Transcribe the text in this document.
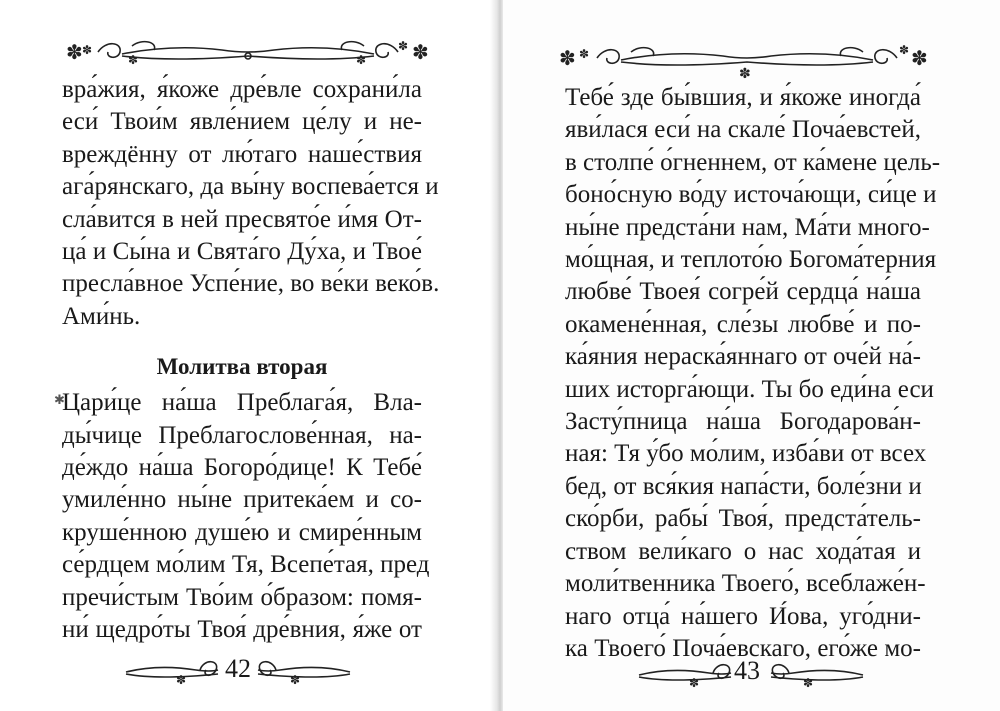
✽ ✽	✽
✽
✽	✽
вра́жия, я́коже дре́вле сохрани́ла
еси́ Твои́м явле́нием це́лу и не-
вреждённу от лю́таго наше́ствия
ага́рянскаго, да вы́ну воспева́ется и
сла́вится в ней пресвято́е и́мя От-
ца́ и Сы́на и Свята́го Ду́ха, и Твое́
пресла́вное Успе́ние, во ве́ки веко́в.
Ами́нь.
Молитва вторая
Цари́це на́ша Преблага́я, Вла-
ды́чице Преблагослове́нная, на-
де́ждо на́ша Богоро́дице! К Тебе́
умиле́нно ны́не притека́ем и со-
круше́нною душе́ю и смире́нным
се́рдцем мо́лим Тя, Всепе́тая, пред
пречи́стым Тво́им о́бразом: помя-
ни́ щедро́ты Твоя́ дре́вния, я́же от
✱
✽	✽
42
✽ ✽	✽
✽
✽
Тебе́ зде бы́вшия, и я́коже иногда́
яви́лася еси́ на скале́ Поча́евстей,
в столпе́ о́гненнем, от ка́мене цель-
боно́сную во́ду источа́ющи, си́це и
ны́не предста́ни нам, Ма́ти много-
мо́щная, и теплото́ю Богома́терния
любве́ Твоея́ согре́й сердца́ на́ша
окамене́нная, сле́зы любве́ и по-
ка́яния нераска́яннаго от оче́й на́-
ших исторга́ющи. Ты бо еди́на еси
Засту́пница на́ша Богодарова́н-
ная: Тя у́бо мо́лим, изба́ви от всех
бед, от вся́кия напа́сти, боле́зни и
ско́рби, рабы́ Твоя́, предста́тель-
ством вели́каго о нас хода́тая и
моли́твенника Твоего́, всеблаже́н-
наго отца́ на́шего И́ова, уго́дни-
ка Твоего́ Поча́евскаго, его́же мо-
✽	✽
43
